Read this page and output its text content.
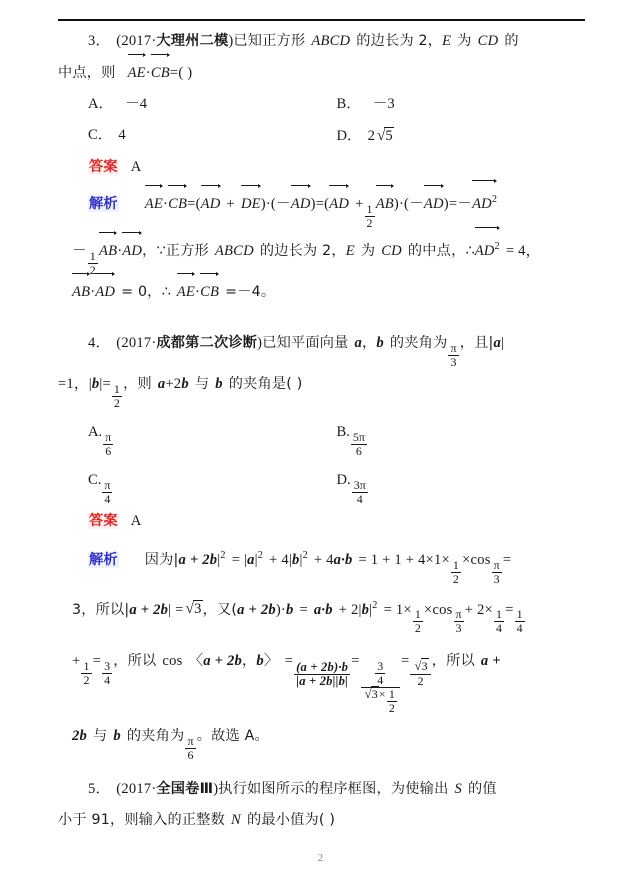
3． (2017·大理州二模)已知正方形 ABCD 的边长为 2，E 为 CD 的
中点，则 AE·CB=( )
A． －4	B． －3
C． 4	D． 2 √5
答案 A
解析 $AE\cdot CB=(AD + DE)\cdot(-AD)=(AD + \frac{1}{2} AB)\cdot(-AD)=-AD^2$
－ $\frac{1}{2} AB\cdot AD$，∵正方形 ABCD 的边长为 2，E 为 CD 的中点，$\therefore AD^2 = 4$，
AB·AD = 0，∴ AE·CB =－4。
4． (2017·成都第二次诊断)已知平面向量 a，b 的夹角为 $\frac{\pi}{3}$ ，且|a|
=1，$|b|= \frac{1}{2}$ ，则 a+2b 与 b 的夹角是( )
A. $\frac{\pi}{6}$	B. $\frac{5\pi}{6}$
C. $\frac{\pi}{4}$	D. $\frac{3\pi}{4}$
答案 A
解析 因为$|a + 2b|^2 = |a|^2 + 4|b|^2 + 4a\cdot b = 1 + 1 + 4\times 1\times \frac{1}{2} \times\cos \frac{\pi}{3}$ =
3，所以|a + 2b| = √3，又$(a + 2b)\cdot b = a\cdot b + 2|b|^2 = 1\times \frac{1}{2} \times\cos \frac{\pi}{3} + 2\times \frac{1}{4} = \frac{1}{4}$
+ $\frac{1}{2} = \frac{3}{4}$ ，所以 cos 〈a + 2b，b〉 = $\frac{(a + 2b)\cdot b}{|a + 2b||b|} = \frac{\frac{3}{4}}{√3\times \frac{1}{2}} = \frac{√3}{2}$ ，所以 a +
2b 与 b 的夹角为 $\frac{\pi}{6}$ 。故选 A。
5． (2017·全国卷Ⅲ)执行如图所示的程序框图，为使输出 S 的值
小于 91，则输入的正整数 N 的最小值为( )
2
